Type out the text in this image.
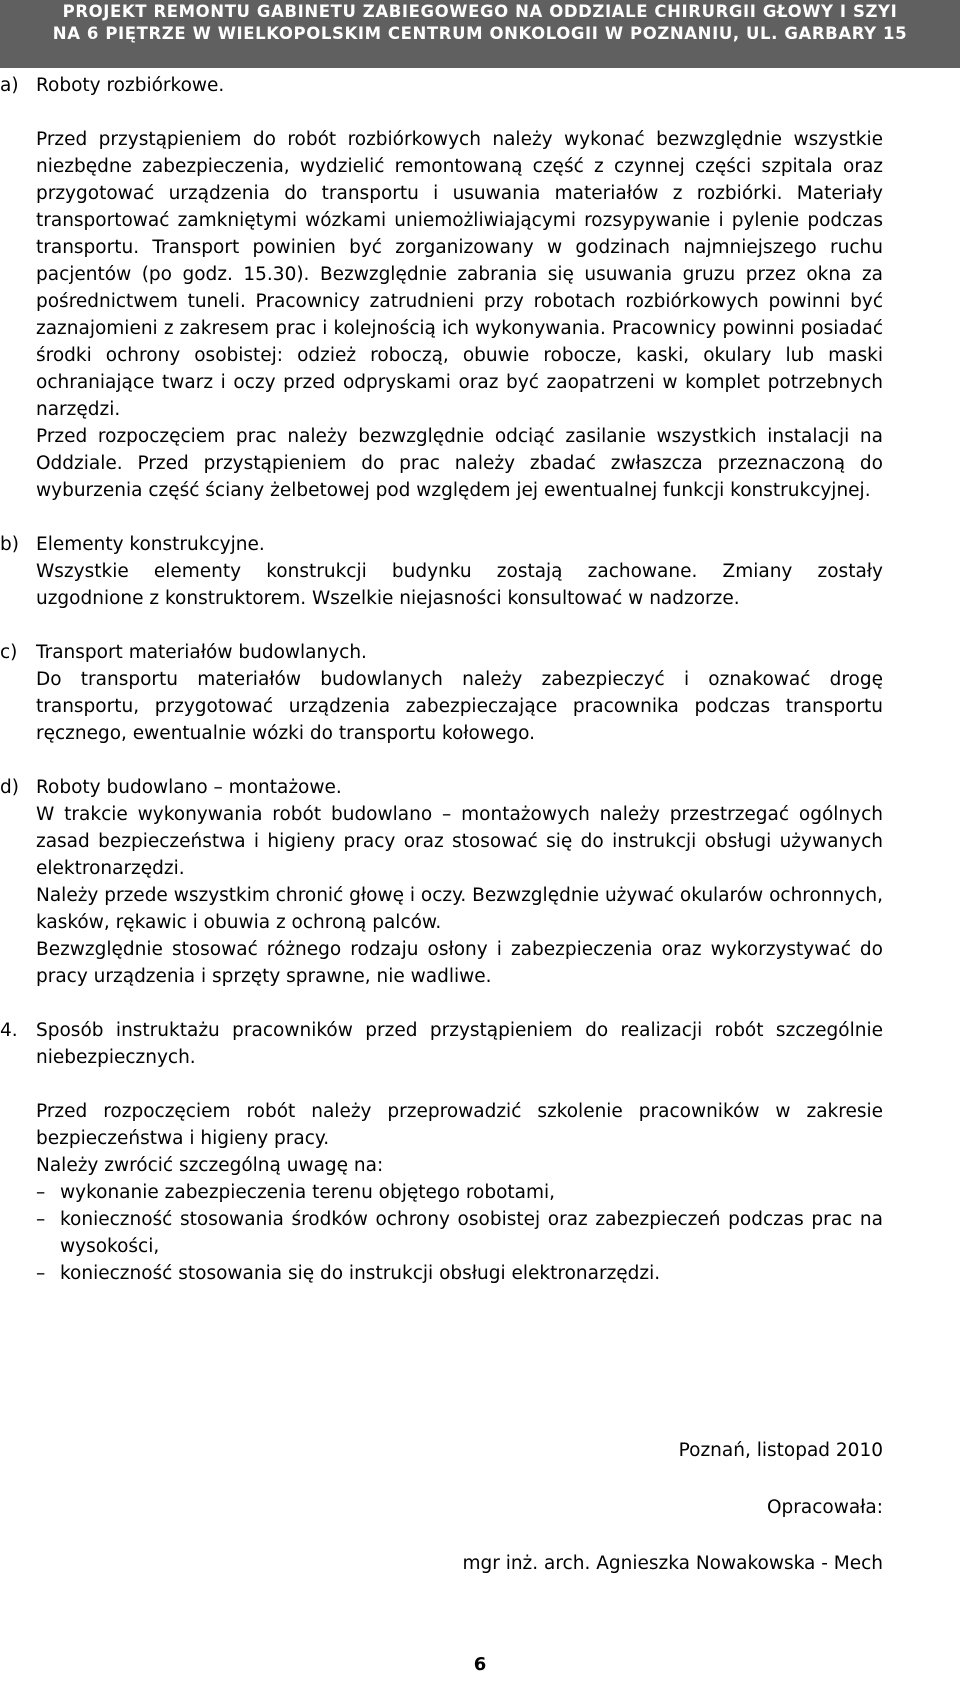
PROJEKT REMONTU GABINETU ZABIEGOWEGO NA ODDZIALE CHIRURGII GŁOWY I SZYI
NA 6 PIĘTRZE W WIELKOPOLSKIM CENTRUM ONKOLOGII W POZNANIU, UL. GARBARY 15
a) Roboty rozbiórkowe.

Przed przystąpieniem do robót rozbiórkowych należy wykonać bezwzględnie wszystkie niezbędne zabezpieczenia, wydzielić remontowaną część z czynnej części szpitala oraz przygotować urządzenia do transportu i usuwania materiałów z rozbiórki. Materiały transportować zamkniętymi wózkami uniemożliwiającymi rozsypywanie i pylenie podczas transportu. Transport powinien być zorganizowany w godzinach najmniejszego ruchu pacjentów (po godz. 15.30). Bezwzględnie zabrania się usuwania gruzu przez okna za pośrednictwem tuneli. Pracownicy zatrudnieni przy robotach rozbiórkowych powinni być zaznajomieni z zakresem prac i kolejnością ich wykonywania. Pracownicy powinni posiadać środki ochrony osobistej: odzież roboczą, obuwie robocze, kaski, okulary lub maski ochraniające twarz i oczy przed odpryskami oraz być zaopatrzeni w komplet potrzebnych narzędzi.

Przed rozpoczęciem prac należy bezwzględnie odciąć zasilanie wszystkich instalacji na Oddziale. Przed przystąpieniem do prac należy zbadać zwłaszcza przeznaczoną do wyburzenia część ściany żelbetowej pod względem jej ewentualnej funkcji konstrukcyjnej.

b) Elementy konstrukcyjne.

Wszystkie elementy konstrukcji budynku zostają zachowane. Zmiany zostały

uzgodnione z konstruktorem. Wszelkie niejasności konsultować w nadzorze.

c) Transport materiałów budowlanych.

Do transportu materiałów budowlanych należy zabezpieczyć i oznakować drogę transportu, przygotować urządzenia zabezpieczające pracownika podczas transportu ręcznego, ewentualnie wózki do transportu kołowego.

d) Roboty budowlano – montażowe.

W trakcie wykonywania robót budowlano – montażowych należy przestrzegać ogólnych zasad bezpieczeństwa i higieny pracy oraz stosować się do instrukcji obsługi używanych elektronarzędzi.

Należy przede wszystkim chronić głowę i oczy. Bezwzględnie używać okularów ochronnych, kasków, rękawic i obuwia z ochroną palców.

Bezwzględnie stosować różnego rodzaju osłony i zabezpieczenia oraz wykorzystywać do pracy urządzenia i sprzęty sprawne, nie wadliwe.

4. Sposób instruktażu pracowników przed przystąpieniem do realizacji robót szczególnie niebezpiecznych.

Przed rozpoczęciem robót należy przeprowadzić szkolenie pracowników w zakresie bezpieczeństwa i higieny pracy.

Należy zwrócić szczególną uwagę na:

– wykonanie zabezpieczenia terenu objętego robotami,

– konieczność stosowania środków ochrony osobistej oraz zabezpieczeń podczas prac na wysokości,

– konieczność stosowania się do instrukcji obsługi elektronarzędzi.

Poznań, listopad 2010
Opracowała:
mgr inż. arch. Agnieszka Nowakowska - Mech
6
